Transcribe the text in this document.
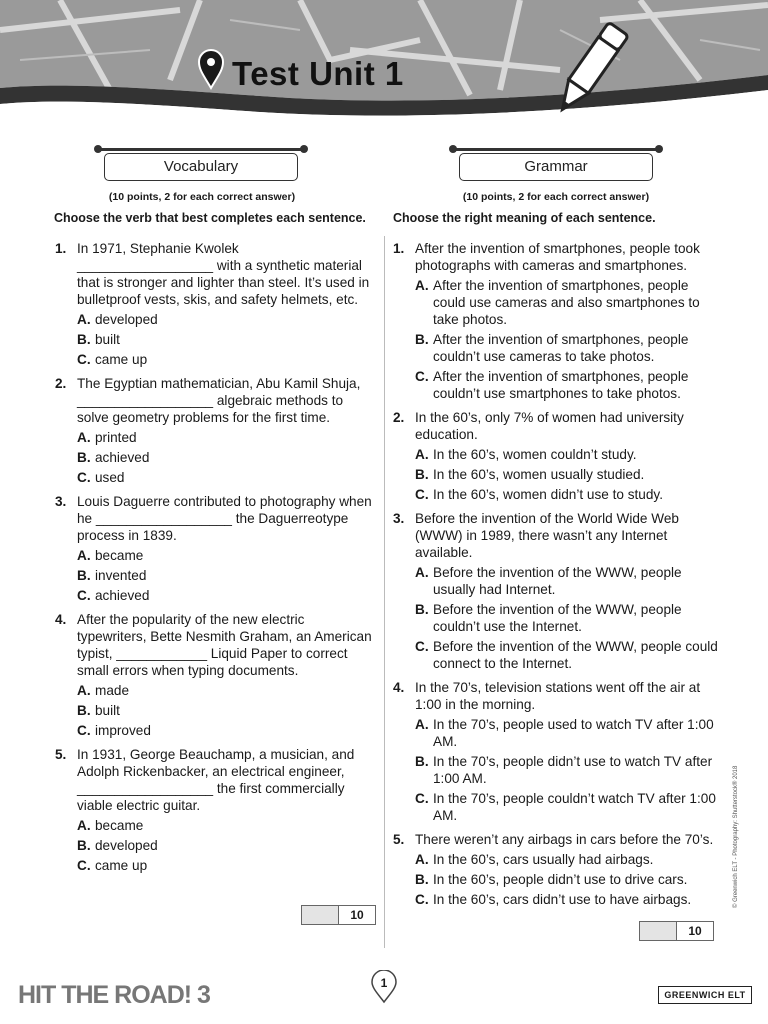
Test Unit 1
Vocabulary
(10 points, 2 for each correct answer)
Choose the verb that best completes each sentence.
Grammar
(10 points, 2 for each correct answer)
Choose the right meaning of each sentence.
1. In 1971, Stephanie Kwolek __________________ with a synthetic material that is stronger and lighter than steel. It’s used in bulletproof vests, skis, and safety helmets, etc.
A. developed
B. built
C. came up
2. The Egyptian mathematician, Abu Kamil Shuja, __________________ algebraic methods to solve geometry problems for the first time.
A. printed
B. achieved
C. used
3. Louis Daguerre contributed to photography when he __________________ the Daguerreotype process in 1839.
A. became
B. invented
C. achieved
4. After the popularity of the new electric typewriters, Bette Nesmith Graham, an American typist, ____________ Liquid Paper to correct small errors when typing documents.
A. made
B. built
C. improved
5. In 1931, George Beauchamp, a musician, and Adolph Rickenbacker, an electrical engineer, __________________ the first commercially viable electric guitar.
A. became
B. developed
C. came up
10
1. After the invention of smartphones, people took photographs with cameras and smartphones.
A. After the invention of smartphones, people could use cameras and also smartphones to take photos.
B. After the invention of smartphones, people couldn’t use cameras to take photos.
C. After the invention of smartphones, people couldn’t use smartphones to take photos.
2. In the 60’s, only 7% of women had university education.
A. In the 60’s, women couldn’t study.
B. In the 60’s, women usually studied.
C. In the 60’s, women didn’t use to study.
3. Before the invention of the World Wide Web (WWW) in 1989, there wasn’t any Internet available.
A. Before the invention of the WWW, people usually had Internet.
B. Before the invention of the WWW, people couldn’t use the Internet.
C. Before the invention of the WWW, people could connect to the Internet.
4. In the 70’s, television stations went off the air at 1:00 in the morning.
A. In the 70’s, people used to watch TV after 1:00 AM.
B. In the 70’s, people didn’t use to watch TV after 1:00 AM.
C. In the 70’s, people couldn’t watch TV after 1:00 AM.
5. There weren’t any airbags in cars before the 70’s.
A. In the 60’s, cars usually had airbags.
B. In the 60’s, people didn’t use to drive cars.
C. In the 60’s, cars didn’t use to have airbags.
10
© Greenwich ELT - Photography: Shutterstock® 2018
HIT THE ROAD! 3	1
GREENWICH ELT
